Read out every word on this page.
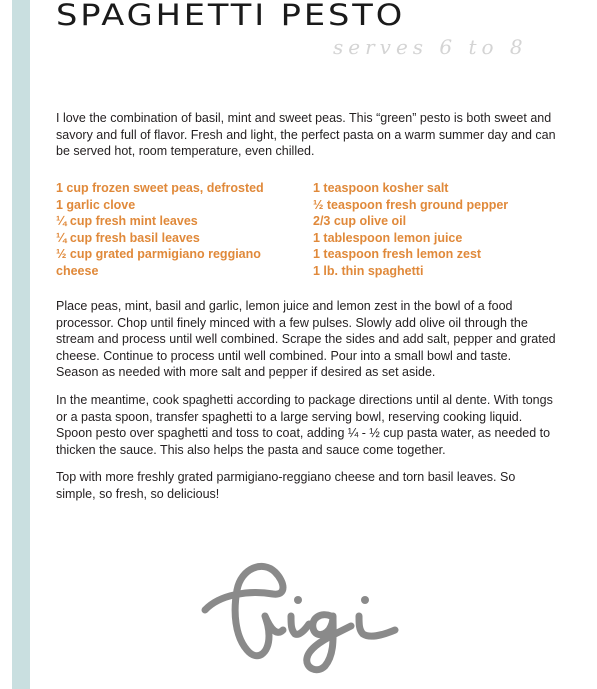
SPAGHETTI PESTO
serves 6 to 8

I love the combination of basil, mint and sweet peas. This “green” pesto is both sweet and savory and full of flavor. Fresh and light, the perfect pasta on a warm summer day and can be served hot, room temperature, even chilled.

1 cup frozen sweet peas, defrosted
1 garlic clove
¼ cup fresh mint leaves
¼ cup fresh basil leaves
½ cup grated parmigiano reggiano cheese
1 teaspoon kosher salt
½ teaspoon fresh ground pepper
2/3 cup olive oil
1 tablespoon lemon juice
1 teaspoon fresh lemon zest
1 lb. thin spaghetti

Place peas, mint, basil and garlic, lemon juice and lemon zest in the bowl of a food processor. Chop until finely minced with a few pulses. Slowly add olive oil through the stream and process until well combined. Scrape the sides and add salt, pepper and grated cheese. Continue to process until well combined. Pour into a small bowl and taste. Season as needed with more salt and pepper if desired as set aside.

In the meantime, cook spaghetti according to package directions until al dente. With tongs or a pasta spoon, transfer spaghetti to a large serving bowl, reserving cooking liquid. Spoon pesto over spaghetti and toss to coat, adding ¼ - ½ cup pasta water, as needed to thicken the sauce. This also helps the pasta and sauce come together.

Top with more freshly grated parmigiano-reggiano cheese and torn basil leaves. So simple, so fresh, so delicious!
